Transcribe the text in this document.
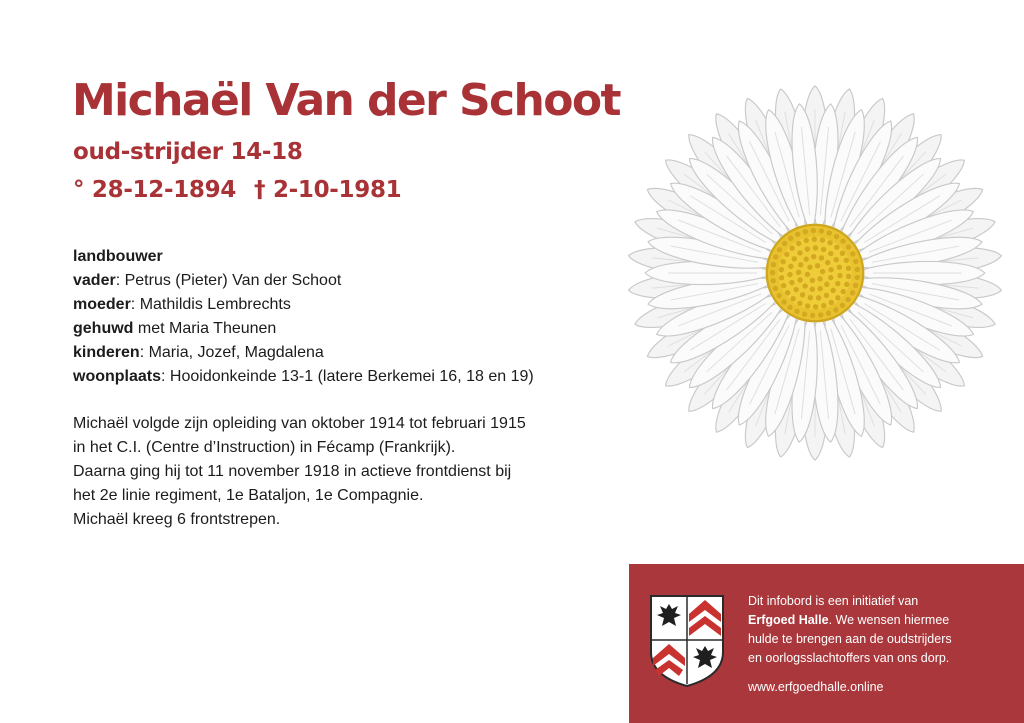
Michaël Van der Schoot
oud-strijder 14-18
° 28-12-1894 † 2-10-1981
landbouwer
vader: Petrus (Pieter) Van der Schoot
moeder: Mathildis Lembrechts
gehuwd met Maria Theunen
kinderen: Maria, Jozef, Magdalena
woonplaats: Hooidonkeinde 13-1 (latere Berkemei 16, 18 en 19)
Michaël volgde zijn opleiding van oktober 1914 tot februari 1915
in het C.I. (Centre d’Instruction) in Fécamp (Frankrijk).
Daarna ging hij tot 11 november 1918 in actieve frontdienst bij
het 2e linie regiment, 1e Bataljon, 1e Compagnie.
Michaël kreeg 6 frontstrepen.
Dit infobord is een initiatief van
Erfgoed Halle. We wensen hiermee
hulde te brengen aan de oudstrijders
en oorlogsslachtoffers van ons dorp.
www.erfgoedhalle.online
